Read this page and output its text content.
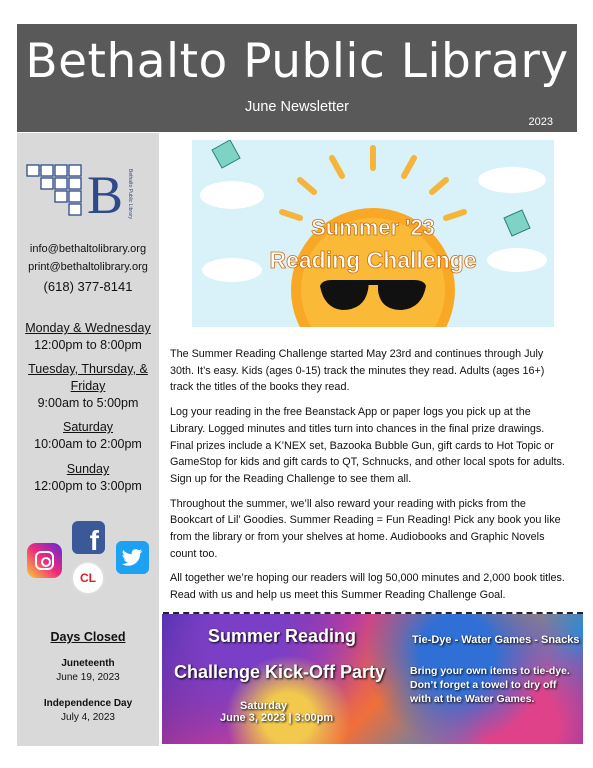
Bethalto Public Library
June Newsletter
2023
B Bethalto Public Library
info@bethaltolibrary.org
print@bethaltolibrary.org
(618) 377-8141
Monday & Wednesday
12:00pm to 8:00pm
Tuesday, Thursday, & Friday
9:00am to 5:00pm
Saturday
10:00am to 2:00pm
Sunday
12:00pm to 3:00pm
f
CL
Days Closed
Juneteenth
June 19, 2023
Independence Day
July 4, 2023
Summer '23
Reading Challenge

The Summer Reading Challenge started May 23rd and continues through July 30th. It’s easy. Kids (ages 0-15) track the minutes they read. Adults (ages 16+) track the titles of the books they read.

Log your reading in the free Beanstack App or paper logs you pick up at the Library. Logged minutes and titles turn into chances in the final prize drawings. Final prizes include a K’NEX set, Bazooka Bubble Gun, gift cards to Hot Topic or GameStop for kids and gift cards to QT, Schnucks, and other local spots for adults. Sign up for the Reading Challenge to see them all.

Throughout the summer, we’ll also reward your reading with picks from the Bookcart of Lil’ Goodies. Summer Reading = Fun Reading! Pick any book you like from the library or from your shelves at home. Audiobooks and Graphic Novels count too.

All together we’re hoping our readers will log 50,000 minutes and 2,000 book titles. Read with us and help us meet this Summer Reading Challenge Goal.

Summer Reading
Challenge Kick-Off Party
Saturday
June 3, 2023 | 3:00pm
Tie-Dye - Water Games - Snacks
Bring your own items to tie-dye. Don’t forget a towel to dry off with at the Water Games.
